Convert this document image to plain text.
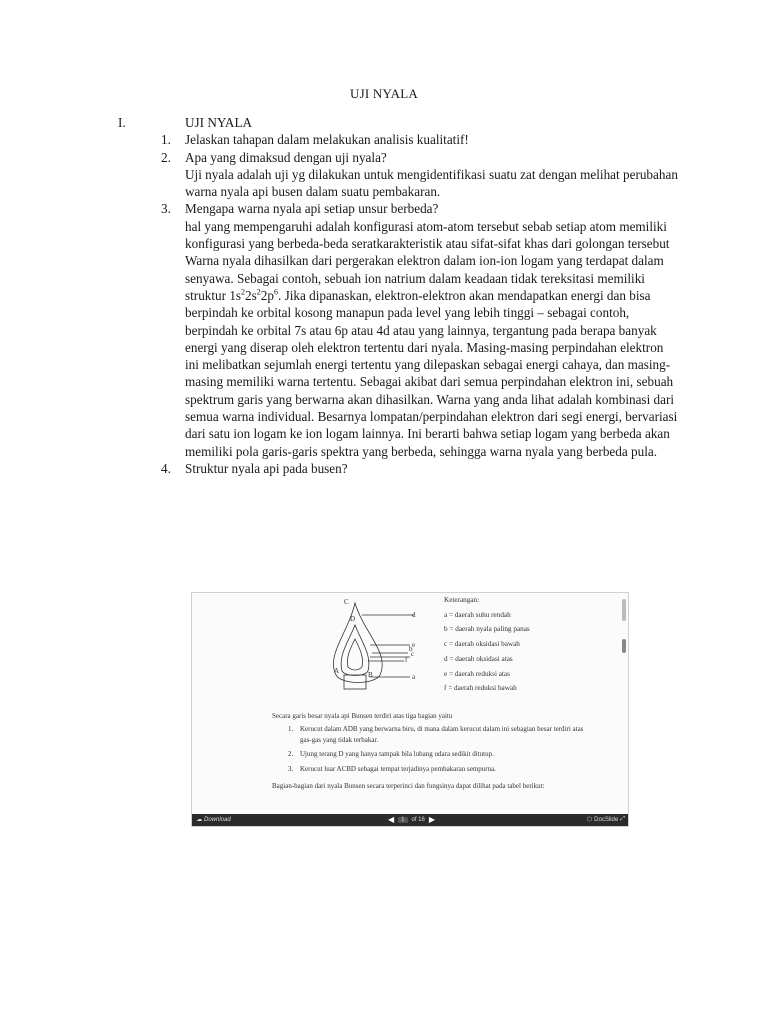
UJI NYALA
I.	UJI NYALA
1.	Jelaskan tahapan dalam melakukan analisis kualitatif!
2.	Apa yang dimaksud dengan uji nyala?
Uji nyala adalah uji yg dilakukan untuk mengidentifikasi suatu zat dengan melihat perubahan warna nyala api busen dalam suatu pembakaran.
3.	Mengapa warna nyala api setiap unsur berbeda?
hal yang mempengaruhi adalah konfigurasi atom-atom tersebut sebab setiap atom memiliki konfigurasi yang berbeda-beda seratkarakteristik atau sifat-sifat khas dari golongan tersebut
Warna nyala dihasilkan dari pergerakan elektron dalam ion-ion logam yang terdapat dalam senyawa. Sebagai contoh, sebuah ion natrium dalam keadaan tidak tereksitasi memiliki struktur $1s^22s^22p^6$. Jika dipanaskan, elektron-elektron akan mendapatkan energi dan bisa berpindah ke orbital kosong manapun pada level yang lebih tinggi – sebagai contoh, berpindah ke orbital 7s atau 6p atau 4d atau yang lainnya, tergantung pada berapa banyak energi yang diserap oleh elektron tertentu dari nyala. Masing-masing perpindahan elektron ini melibatkan sejumlah energi tertentu yang dilepaskan sebagai energi cahaya, dan masing-masing memiliki warna tertentu. Sebagai akibat dari semua perpindahan elektron ini, sebuah spektrum garis yang berwarna akan dihasilkan. Warna yang anda lihat adalah kombinasi dari semua warna individual. Besarnya lompatan/perpindahan elektron dari segi energi, bervariasi dari satu ion logam ke ion logam lainnya. Ini berarti bahwa setiap logam yang berbeda akan memiliki pola garis-garis spektra yang berbeda, sehingga warna nyala yang berbeda pula.
4.	Struktur nyala api pada busen?
C
D
A	B
d
e
b
c
f
a
Keterangan:
a = daerah suhu rendah
b = daerah nyala paling panas
c = daerah oksidasi bawah
d = daerah oksidasi atas
e = daerah reduksi atas
f = daerah reduksi bawah
Secara garis besar nyala api Bunsen terdiri atas tiga bagian yaitu
1. Kerucut dalam ADB yang berwarna biru, di mana dalam kerucut dalam ini sebagian besar terdiri atas gas-gas yang tidak terbakar.
2. Ujung terang D yang hanya tampak bila lubang udara sedikit ditutup.
3. Kerucut luar ACBD sebagai tempat terjadinya pembakaran sempurna.
Bagian-bagian dari nyala Bunsen secara terperinci dan fungsinya dapat dilihat pada tabel berikut:
☁ Download	◀	1	of 16 ▶	⬡ DocSlide ⤢
